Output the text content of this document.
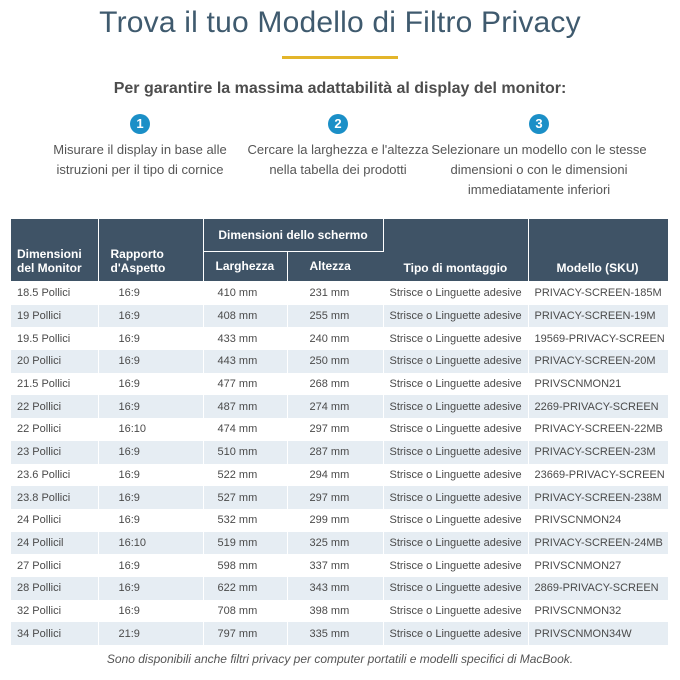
Trova il tuo Modello di Filtro Privacy
Per garantire la massima adattabilità al display del monitor:
1
Misurare il display in base alle
istruzioni per il tipo di cornice
2
Cercare la larghezza e l'altezza
nella tabella dei prodotti
3
Selezionare un modello con le stesse
dimensioni o con le dimensioni
immediatamente inferiori
Dimensioni del Monitor	Rapporto d'Aspetto	Dimensioni dello schermo		Tipo di montaggio	Modello (SKU)
		Larghezza	Altezza		
18.5 Pollici	16:9	410 mm	231 mm	Strisce o Linguette adesive	PRIVACY-SCREEN-185M
19 Pollici	16:9	408 mm	255 mm	Strisce o Linguette adesive	PRIVACY-SCREEN-19M
19.5 Pollici	16:9	433 mm	240 mm	Strisce o Linguette adesive	19569-PRIVACY-SCREEN
20 Pollici	16:9	443 mm	250 mm	Strisce o Linguette adesive	PRIVACY-SCREEN-20M
21.5 Pollici	16:9	477 mm	268 mm	Strisce o Linguette adesive	PRIVSCNMON21
22 Pollici	16:9	487 mm	274 mm	Strisce o Linguette adesive	2269-PRIVACY-SCREEN
22 Pollici	16:10	474 mm	297 mm	Strisce o Linguette adesive	PRIVACY-SCREEN-22MB
23 Pollici	16:9	510 mm	287 mm	Strisce o Linguette adesive	PRIVACY-SCREEN-23M
23.6 Pollici	16:9	522 mm	294 mm	Strisce o Linguette adesive	23669-PRIVACY-SCREEN
23.8 Pollici	16:9	527 mm	297 mm	Strisce o Linguette adesive	PRIVACY-SCREEN-238M
24 Pollici	16:9	532 mm	299 mm	Strisce o Linguette adesive	PRIVSCNMON24
24 Pollicil	16:10	519 mm	325 mm	Strisce o Linguette adesive	PRIVACY-SCREEN-24MB
27 Pollici	16:9	598 mm	337 mm	Strisce o Linguette adesive	PRIVSCNMON27
28 Pollici	16:9	622 mm	343 mm	Strisce o Linguette adesive	2869-PRIVACY-SCREEN
32 Pollici	16:9	708 mm	398 mm	Strisce o Linguette adesive	PRIVSCNMON32
34 Pollici	21:9	797 mm	335 mm	Strisce o Linguette adesive	PRIVSCNMON34W
Sono disponibili anche filtri privacy per computer portatili e modelli specifici di MacBook.
